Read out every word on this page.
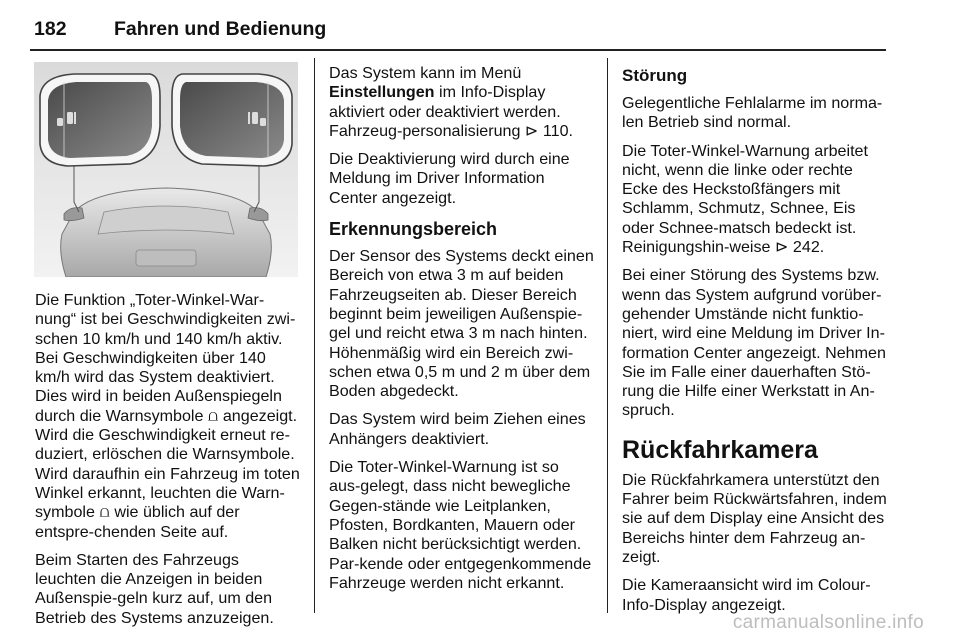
182 Fahren und Bedienung

Die Funktion „Toter-Winkel-War-nung“ ist bei Geschwindigkeiten zwi-schen 10 km/h und 140 km/h aktiv. Bei Geschwindigkeiten über 140 km/h wird das System deaktiviert. Dies wird in beiden Außenspiegeln durch die Warnsymbole ⩍ angezeigt. Wird die Geschwindigkeit erneut re-duziert, erlöschen die Warnsymbole. Wird daraufhin ein Fahrzeug im toten Winkel erkannt, leuchten die Warn-symbole ⩍ wie üblich auf der entspre-chenden Seite auf.

Beim Starten des Fahrzeugs leuchten die Anzeigen in beiden Außenspie-geln kurz auf, um den Betrieb des Systems anzuzeigen.

Das System kann im Menü Einstellungen im Info-Display aktiviert oder deaktiviert werden. Fahrzeug-personalisierung ⊳ 110.

Die Deaktivierung wird durch eine Meldung im Driver Information Center angezeigt.

Erkennungsbereich

Der Sensor des Systems deckt einen Bereich von etwa 3 m auf beiden Fahrzeugseiten ab. Dieser Bereich beginnt beim jeweiligen Außenspie-gel und reicht etwa 3 m nach hinten. Höhenmäßig wird ein Bereich zwi-schen etwa 0,5 m und 2 m über dem Boden abgedeckt.

Das System wird beim Ziehen eines Anhängers deaktiviert.

Die Toter-Winkel-Warnung ist so aus-gelegt, dass nicht bewegliche Gegen-stände wie Leitplanken, Pfosten, Bordkanten, Mauern oder Balken nicht berücksichtigt werden. Par-kende oder entgegenkommende Fahrzeuge werden nicht erkannt.

Störung

Gelegentliche Fehlalarme im norma-len Betrieb sind normal.

Die Toter-Winkel-Warnung arbeitet nicht, wenn die linke oder rechte Ecke des Heckstoßfängers mit Schlamm, Schmutz, Schnee, Eis oder Schnee-matsch bedeckt ist. Reinigungshin-weise ⊳ 242.

Bei einer Störung des Systems bzw. wenn das System aufgrund vorüber-gehender Umstände nicht funktio-niert, wird eine Meldung im Driver In-formation Center angezeigt. Nehmen Sie im Falle einer dauerhaften Stö-rung die Hilfe einer Werkstatt in An-spruch.

Rückfahrkamera

Die Rückfahrkamera unterstützt den Fahrer beim Rückwärtsfahren, indem sie auf dem Display eine Ansicht des Bereichs hinter dem Fahrzeug an-zeigt.

Die Kameraansicht wird im Colour-Info-Display angezeigt.

carmanualsonline.info
